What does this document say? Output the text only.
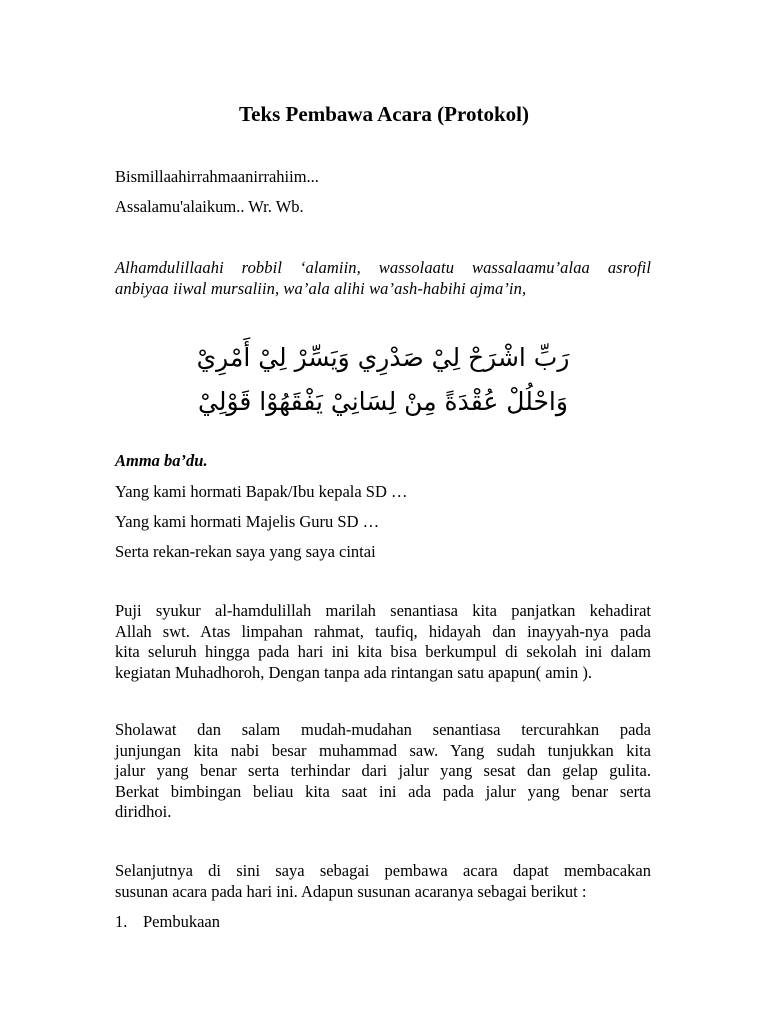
Teks Pembawa Acara (Protokol)
Bismillaahirrahmaanirrahiim...
Assalamu'alaikum.. Wr. Wb.
Alhamdulillaahi robbil ‘alamiin, wassolaatu wassalaamu’alaa asrofil
anbiyaa iiwal mursaliin, wa’ala alihi wa’ash-habihi ajma’in,
رَبِّ اشْرَحْ لِيْ صَدْرِي وَيَسِّرْ لِيْ أَمْرِيْ
وَاحْلُلْ عُقْدَةً مِنْ لِسَانِيْ يَفْقَهُوْا قَوْلِيْ
Amma ba’du.
Yang kami hormati Bapak/Ibu kepala SD …
Yang kami hormati Majelis Guru SD …
Serta rekan-rekan saya yang saya cintai
Puji syukur al-hamdulillah marilah senantiasa kita panjatkan kehadirat
Allah swt. Atas limpahan rahmat, taufiq, hidayah dan inayyah-nya pada
kita seluruh hingga pada hari ini kita bisa berkumpul di sekolah ini dalam
kegiatan Muhadhoroh, Dengan tanpa ada rintangan satu apapun( amin ).
Sholawat dan salam mudah-mudahan senantiasa tercurahkan pada
junjungan kita nabi besar muhammad saw. Yang sudah tunjukkan kita
jalur yang benar serta terhindar dari jalur yang sesat dan gelap gulita.
Berkat bimbingan beliau kita saat ini ada pada jalur yang benar serta
diridhoi.
Selanjutnya di sini saya sebagai pembawa acara dapat membacakan
susunan acara pada hari ini. Adapun susunan acaranya sebagai berikut :
1. Pembukaan
